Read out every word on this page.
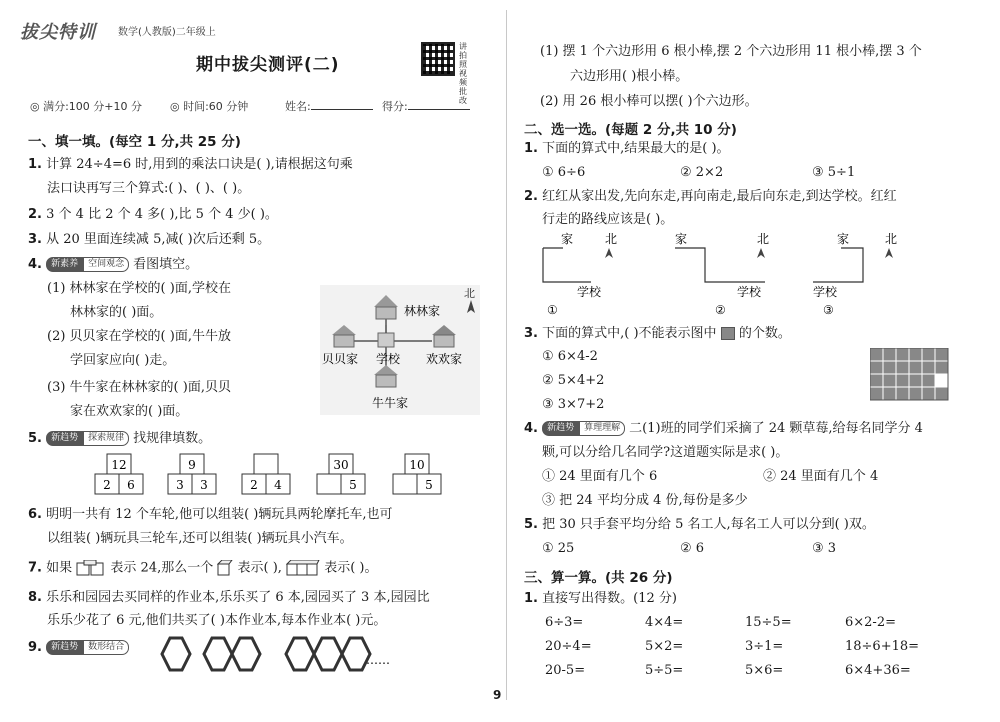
拔尖特训 数学(人教版)二年级上
期中拔尖测评(二)
讲拍照视频批改
◎ 满分:100 分+10 分	◎ 时间:60 分钟	姓名:	得分:
一、填一填。(每空 1 分,共 25 分)
1. 计算 24÷4=6 时,用到的乘法口诀是( ),请根据这句乘
法口诀再写三个算式:( )、( )、( )。
2. 3 个 4 比 2 个 4 多( ),比 5 个 4 少( )。
3. 从 20 里面连续减 5,减( )次后还剩 5。
4. 新素养 空间观念 看图填空。
(1) 林林家在学校的( )面,学校在
林林家的( )面。
(2) 贝贝家在学校的( )面,牛牛放
学回家应向( )走。
(3) 牛牛家在林林家的( )面,贝贝
家在欢欢家的( )面。
林林家
贝贝家 学校 欢欢家
牛牛家
北
5. 新趋势 探索规律 找规律填数。
12
2 6
9
3 3	2 4
30
5
10
5
6. 明明一共有 12 个车轮,他可以组装( )辆玩具两轮摩托车,也可
以组装( )辆玩具三轮车,还可以组装( )辆玩具小汽车。
7. 如果	表示 24,那么一个 表示( ),	表示( )。
8. 乐乐和园园去买同样的作业本,乐乐买了 6 本,园园买了 3 本,园园比
乐乐少花了 6 元,他们共买了( )本作业本,每本作业本( )元。
9. 新趋势 数形结合
……
(1) 摆 1 个六边形用 6 根小棒,摆 2 个六边形用 11 根小棒,摆 3 个
六边形用( )根小棒。
(2) 用 26 根小棒可以摆( )个六边形。
二、选一选。(每题 2 分,共 10 分)
1. 下面的算式中,结果最大的是( )。
① 6÷6	② 2×2	③ 5÷1
2. 红红从家出发,先向东走,再向南走,最后向东走,到达学校。红红
行走的路线应该是( )。
家
学校
①
北	家
学校
②
北	家
学校
③
北
3. 下面的算式中,( )不能表示图中 的个数。
① 6×4-2
② 5×4+2
③ 3×7+2
4. 新趋势 算理理解 二(1)班的同学们采摘了 24 颗草莓,给每名同学分 4
颗,可以分给几名同学?这道题实际是求( )。
① 24 里面有几个 6	② 24 里面有几个 4
③ 把 24 平均分成 4 份,每份是多少
5. 把 30 只手套平均分给 5 名工人,每名工人可以分到( )双。
① 25	② 6	③ 3
三、算一算。(共 26 分)
1. 直接写出得数。(12 分)
6÷3=	4×4=	15÷5=	6×2-2=
20÷4=	5×2=	3÷1=	18÷6+18=
20-5=	5÷5=	5×6=	6×4+36=
9
